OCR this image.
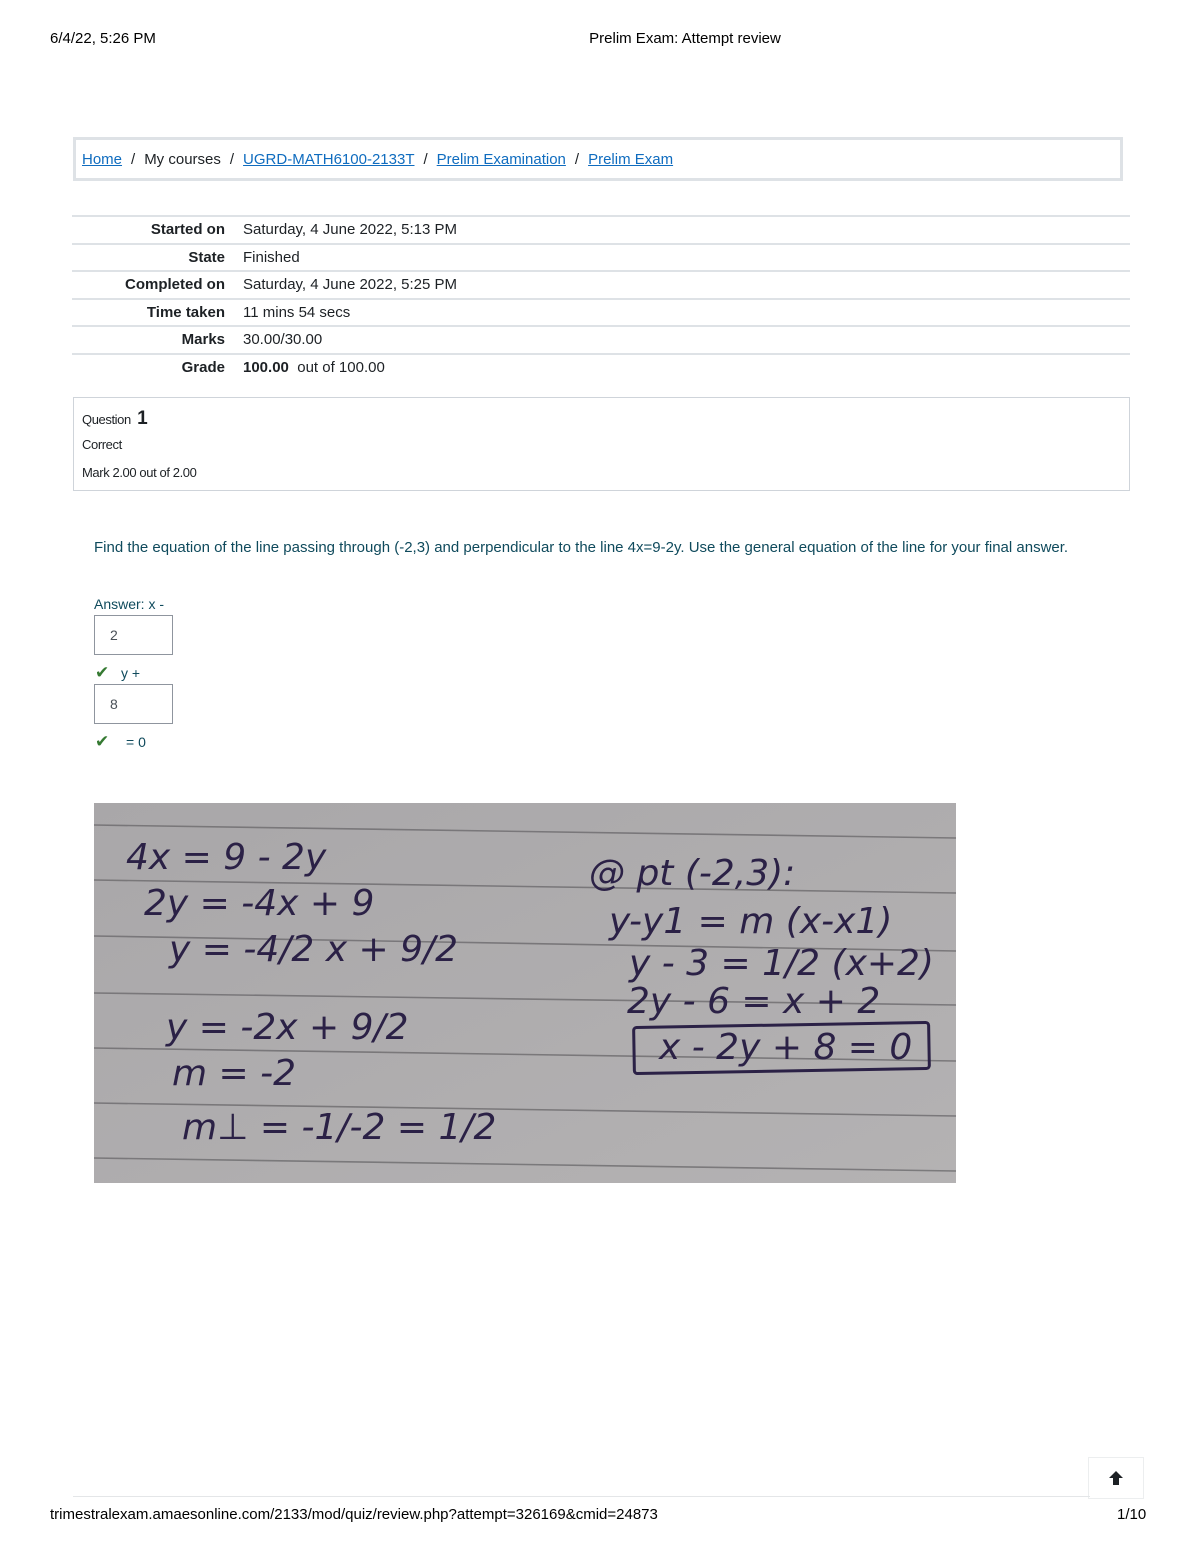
6/4/22, 5:26 PM	Prelim Exam: Attempt review
Home / My courses / UGRD-MATH6100-2133T / Prelim Examination / Prelim Exam
Started on	Saturday, 4 June 2022, 5:13 PM
State	Finished
Completed on	Saturday, 4 June 2022, 5:25 PM
Time taken	11 mins 54 secs
Marks	30.00/30.00
Grade	100.00 out of 100.00
Question 1
Correct
Mark 2.00 out of 2.00
Find the equation of the line passing through (-2,3) and perpendicular to the line 4x=9-2y. Use the general equation of the line for your final answer.
Answer: x -
2
✔ y +
8
✔ = 0
4x = 9 - 2y
2y = -4x + 9
y = -4/2 x + 9/2
y = -2x + 9/2
m = -2
m⊥ = -1/-2 = 1/2
@ pt (-2,3):
y-y1 = m (x-x1)
y - 3 = 1/2 (x+2)
2y - 6 = x + 2
x - 2y + 8 = 0
trimestralexam.amaesonline.com/2133/mod/quiz/review.php?attempt=326169&cmid=24873	1/10
